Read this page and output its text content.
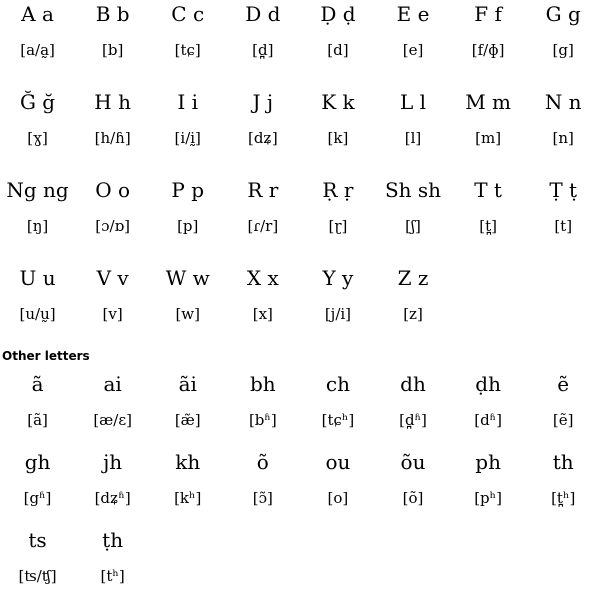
A a
[a/a̰]
B b
[b]
C c
[tɕ]
D d
[d̪]
Ḍ ḍ
[d]
E e
[e]
F f
[f/ɸ]
G g
[g]
Ğ ğ
[ɣ]
H h
[h/ɦ]
I i
[i/ḭ]
J j
[dʑ]
K k
[k]
L l
[l]
M m
[m]
N n
[n]
Ng ng
[ŋ]
O o
[ɔ/ɒ]
P p
[p]
R r
[ɾ/r]
Ṛ ṛ
[ɽ]
Sh sh
[ʃ]
T t
[t̪]
Ṭ ṭ
[t]
U u
[u/ṵ]
V v
[v]
W w
[w]
X x
[x]
Y y
[j/i]
Z z
[z]
Other letters
ã
[ã]
ai
[æ/ɛ]
ãi
[æ̃]
bh
[bʱ]
ch
[tɕʰ]
dh
[d̪ʱ]
ḍh
[dʱ]
ẽ
[ẽ]
gh
[gʱ]
jh
[dʑʱ]
kh
[kʰ]
õ
[ɔ̃]
ou
[o]
õu
[õ]
ph
[pʰ]
th
[t̪ʰ]
ts
[ʦ/ʧ]
ṭh
[tʰ]
